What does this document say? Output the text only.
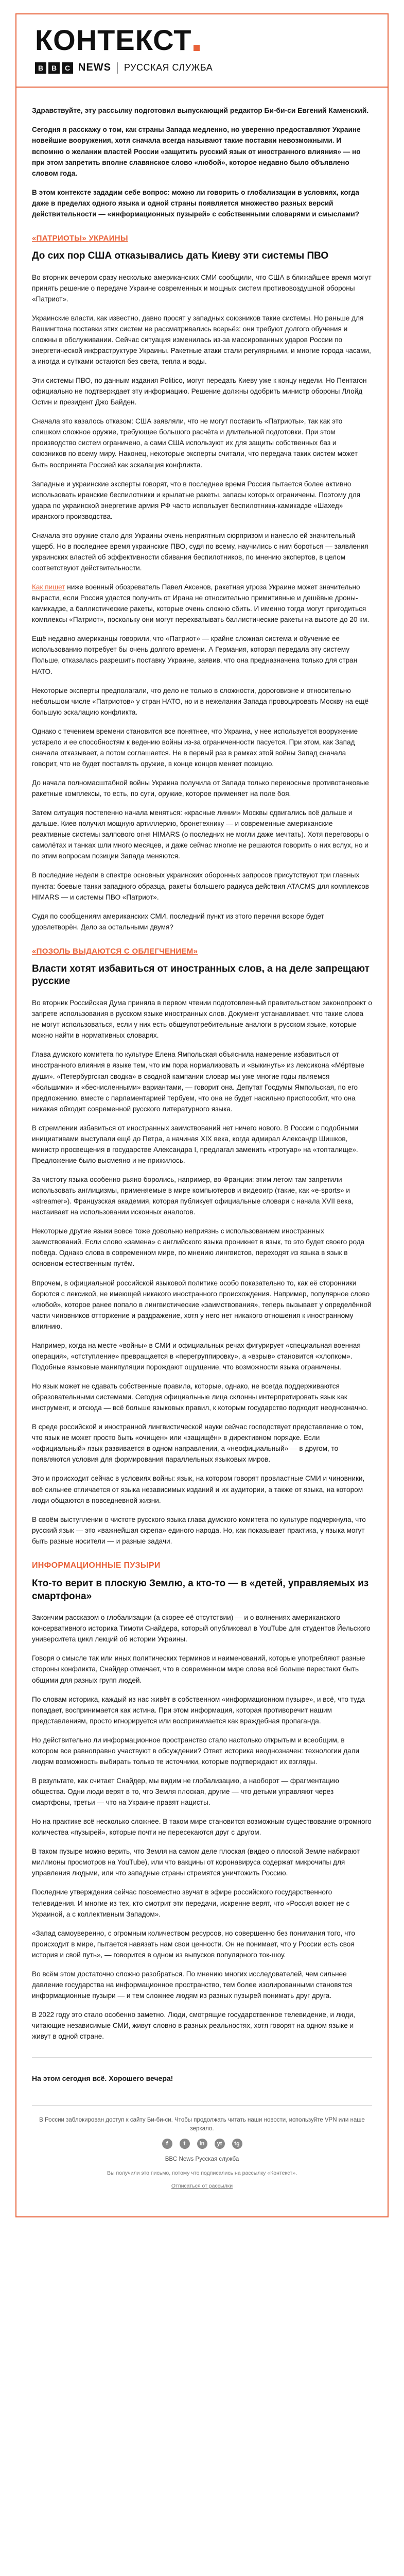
КОНТЕКСТ
B	B	C NEWS РУССКАЯ СЛУЖБА

Здравствуйте, эту рассылку подготовил выпускающий редактор Би-би-си Евгений Каменский.

Сегодня я расскажу о том, как страны Запада медленно, но уверенно предоставляют Украине новейшие вооружения, хотя сначала всегда называют такие поставки невозможными. И вспомню о желании властей России «защитить русский язык от иностранного влияния» — но при этом запретить вполне славянское слово «любой», которое недавно было объявлено словом года.

В этом контексте зададим себе вопрос: можно ли говорить о глобализации в условиях, когда даже в пределах одного языка и одной страны появляется множество разных версий действительности — «информационных пузырей» с собственными словарями и смыслами?

«ПАТРИОТЫ» УКРАИНЫ
До сих пор США отказывались дать Киеву эти системы ПВО

Во вторник вечером сразу несколько американских СМИ сообщили, что США в ближайшее время могут принять решение о передаче Украине современных и мощных систем противовоздушной обороны «Патриот».

Украинские власти, как известно, давно просят у западных союзников такие системы. Но раньше для Вашингтона поставки этих систем не рассматривались всерьёз: они требуют долгого обучения и сложны в обслуживании. Сейчас ситуация изменилась из-за массированных ударов России по энергетической инфраструктуре Украины. Ракетные атаки стали регулярными, и многие города часами, а иногда и сутками остаются без света, тепла и воды.

Эти системы ПВО, по данным издания Politico, могут передать Киеву уже к концу недели. Но Пентагон официально не подтверждает эту информацию. Решение должны одобрить министр обороны Ллойд Остин и президент Джо Байден.

Сначала это казалось отказом: США заявляли, что не могут поставить «Патриоты», так как это слишком сложное оружие, требующее большого расчёта и длительной подготовки. При этом производство систем ограничено, а сами США используют их для защиты собственных баз и союзников по всему миру. Наконец, некоторые эксперты считали, что передача таких систем может быть воспринята Россией как эскалация конфликта.

Западные и украинские эксперты говорят, что в последнее время Россия пытается более активно использовать иранские беспилотники и крылатые ракеты, запасы которых ограничены. Поэтому для удара по украинской энергетике армия РФ часто использует беспилотники-камикадзе «Шахед» иранского производства.

Сначала это оружие стало для Украины очень неприятным сюрпризом и нанесло ей значительный ущерб. Но в последнее время украинские ПВО, судя по всему, научились с ним бороться — заявления украинских властей об эффективности сбивания беспилотников, по мнению экспертов, в целом соответствуют действительности.

Как пишет ниже военный обозреватель Павел Аксенов, ракетная угроза Украине может значительно вырасти, если Россия удастся получить от Ирана не относительно примитивные и дешёвые дроны-камикадзе, а баллистические ракеты, которые очень сложно сбить. И именно тогда могут пригодиться комплексы «Патриот», поскольку они могут перехватывать баллистические ракеты на высоте до 20 км.

Ещё недавно американцы говорили, что «Патриот» — крайне сложная система и обучение ее использованию потребует бы очень долгого времени. А Германия, которая передала эту систему Польше, отказалась разрешить поставку Украине, заявив, что она предназначена только для стран НАТО.

Некоторые эксперты предполагали, что дело не только в сложности, дороговизне и относительно небольшом числе «Патриотов» у стран НАТО, но и в нежелании Запада провоцировать Москву на ещё большую эскалацию конфликта.

Однако с течением времени становится все понятнее, что Украина, у нее используется вооружение устарело и ее способностям к ведению войны из-за ограниченности пасуется. При этом, как Запад сначала отказывает, а потом соглашается. Не в первый раз в рамках этой войны Запад сначала говорит, что не будет поставлять оружие, в конце концов меняет позицию.

До начала полномасштабной войны Украина получила от Запада только переносные противотанковые ракетные комплексы, то есть, по сути, оружие, которое применяет на поле боя.

Затем ситуация постепенно начала меняться: «красные линии» Москвы сдвигались всё дальше и дальше. Киев получил мощную артиллерию, бронетехнику — и современные американские реактивные системы залпового огня HIMARS (о последних не могли даже мечтать). Хотя переговоры о самолётах и танках шли много месяцев, и даже сейчас многие не решаются говорить о них вслух, но и по этим вопросам позиции Запада меняются.

В последние недели в спектре основных украинских оборонных запросов присутствуют три главных пункта: боевые танки западного образца, ракеты большего радиуса действия ATACMS для комплексов HIMARS — и системы ПВО «Патриот».

Судя по сообщениям американских СМИ, последний пункт из этого перечня вскоре будет удовлетворён. Дело за остальными двумя?

«ПОЗОЛЬ ВЫДАЮТСЯ С ОБЛЕГЧЕНИЕМ»
Власти хотят избавиться от иностранных слов, а на деле запрещают русские

Во вторник Российская Дума приняла в первом чтении подготовленный правительством законопроект о запрете использования в русском языке иностранных слов. Документ устанавливает, что такие слова не могут использоваться, если у них есть общеупотребительные аналоги в русском языке, которые можно найти в нормативных словарях.

Глава думского комитета по культуре Елена Ямпольская объяснила намерение избавиться от иностранного влияния в языке тем, что им пора нормализовать и «выкинуть» из лексикона «Мёртвые души». «Петербургская сводка» в сводной кампании словар мы уже многие годы являемся «большими» и «бесчисленными» вариантами, — говорит она. Депутат Госдумы Ямпольская, по его предложению, вместе с парламентарией тербуем, что она не будет насильно приспособит, что она никакая обходит современной русского литературного языка.

В стремлении избавиться от иностранных заимствований нет ничего нового. В России с подобными инициативами выступали ещё до Петра, а начиная XIX века, когда адмирал Александр Шишков, министр просвещения в государстве Александра I, предлагал заменить «тротуар» на «топталище». Предложение было высмеяно и не прижилось.

За чистоту языка особенно рьяно боролись, например, во Франции: этим летом там запретили использовать англицизмы, применяемые в мире компьютеров и видеоигр (такие, как «e-sports» и «streamer»). Французская академия, которая публикует официальные словари с начала XVII века, настаивает на использовании исконных аналогов.

Некоторые другие языки вовсе тоже довольно неприязнь с использованием иностранных заимствований. Если слово «замена» с английского языка проникнет в язык, то это будет своего рода победа. Однако слова в современном мире, по мнению лингвистов, переходят из языка в язык в основном естественным путём.

Впрочем, в официальной российской языковой политике особо показательно то, как её сторонники борются с лексикой, не имеющей никакого иностранного происхождения. Например, популярное слово «любой», которое ранее попало в лингвистические «заимствования», теперь вызывает у определённой части чиновников отторжение и раздражение, хотя у него нет никакого отношения к иностранному влиянию.

Например, когда на месте «войны» в СМИ и официальных речах фигурирует «специальная военная операция», «отступление» превращается в «перегруппировку», а «взрыв» становится «хлопком». Подобные языковые манипуляции порождают ощущение, что возможности языка ограничены.

Но язык может не сдавать собственные правила, которые, однако, не всегда поддерживаются образовательными системами. Сегодня официальные лица склонны интерпретировать язык как инструмент, и отсюда — всё больше языковых правил, к которым государство подходит неоднозначно.

В среде российской и иностранной лингвистической науки сейчас господствует представление о том, что язык не может просто быть «очищен» или «защищён» в директивном порядке. Если «официальный» язык развивается в одном направлении, а «неофициальный» — в другом, то появляются условия для формирования параллельных языковых миров.

Это и происходит сейчас в условиях войны: язык, на котором говорят провластные СМИ и чиновники, всё сильнее отличается от языка независимых изданий и их аудитории, а также от языка, на котором люди общаются в повседневной жизни.

В своём выступлении о чистоте русского языка глава думского комитета по культуре подчеркнула, что русский язык — это «важнейшая скрепа» единого народа. Но, как показывает практика, у языка могут быть разные носители — и разные задачи.

ИНФОРМАЦИОННЫЕ ПУЗЫРИ
Кто-то верит в плоскую Землю, а кто-то — в «детей, управляемых из смартфона»

Закончим рассказом о глобализации (а скорее её отсутствии) — и о волнениях американского консервативного историка Тимоти Снайдера, который опубликовал в YouTube для студентов Йельского университета цикл лекций об истории Украины.

Говоря о смысле так или иных политических терминов и наименований, которые употребляют разные стороны конфликта, Снайдер отмечает, что в современном мире слова всё больше перестают быть общими для разных групп людей.

По словам историка, каждый из нас живёт в собственном «информационном пузыре», и всё, что туда попадает, воспринимается как истина. При этом информация, которая противоречит нашим представлениям, просто игнорируется или воспринимается как враждебная пропаганда.

Но действительно ли информационное пространство стало настолько открытым и всеобщим, в котором все равноправно участвуют в обсуждении? Ответ историка неоднозначен: технологии дали людям возможность выбирать только те источники, которые подтверждают их взгляды.

В результате, как считает Снайдер, мы видим не глобализацию, а наоборот — фрагментацию общества. Одни люди верят в то, что Земля плоская, другие — что детьми управляют через смартфоны, третьи — что на Украине правят нацисты.

Но на практике всё несколько сложнее. В таком мире становится возможным существование огромного количества «пузырей», которые почти не пересекаются друг с другом.

В таком пузыре можно верить, что Земля на самом деле плоская (видео о плоской Земле набирают миллионы просмотров на YouTube), или что вакцины от коронавируса содержат микрочипы для управления людьми, или что западные страны стремятся уничтожить Россию.

Последние утверждения сейчас повсеместно звучат в эфире российского государственного телевидения. И многие из тех, кто смотрит эти передачи, искренне верят, что «Россия воюет не с Украиной, а с коллективным Западом».

«Запад самоуверенно, с огромным количеством ресурсов, но совершенно без понимания того, что происходит в мире, пытается навязать нам свои ценности. Он не понимает, что у России есть своя история и свой путь», — говорится в одном из выпусков популярного ток-шоу.

Во всём этом достаточно сложно разобраться. По мнению многих исследователей, чем сильнее давление государства на информационное пространство, тем более изолированными становятся информационные пузыри — и тем сложнее людям из разных пузырей понимать друг друга.

В 2022 году это стало особенно заметно. Люди, смотрящие государственное телевидение, и люди, читающие независимые СМИ, живут словно в разных реальностях, хотя говорят на одном языке и живут в одной стране.

На этом сегодня всё. Хорошего вечера!

В России заблокирован доступ к сайту Би-би-си. Чтобы продолжать читать наши новости, используйте VPN или наше зеркало.

f	t	in	yt	tg

BBC News Русская служба

Вы получили это письмо, потому что подписались на рассылку «Контекст».

Отписаться от рассылки
